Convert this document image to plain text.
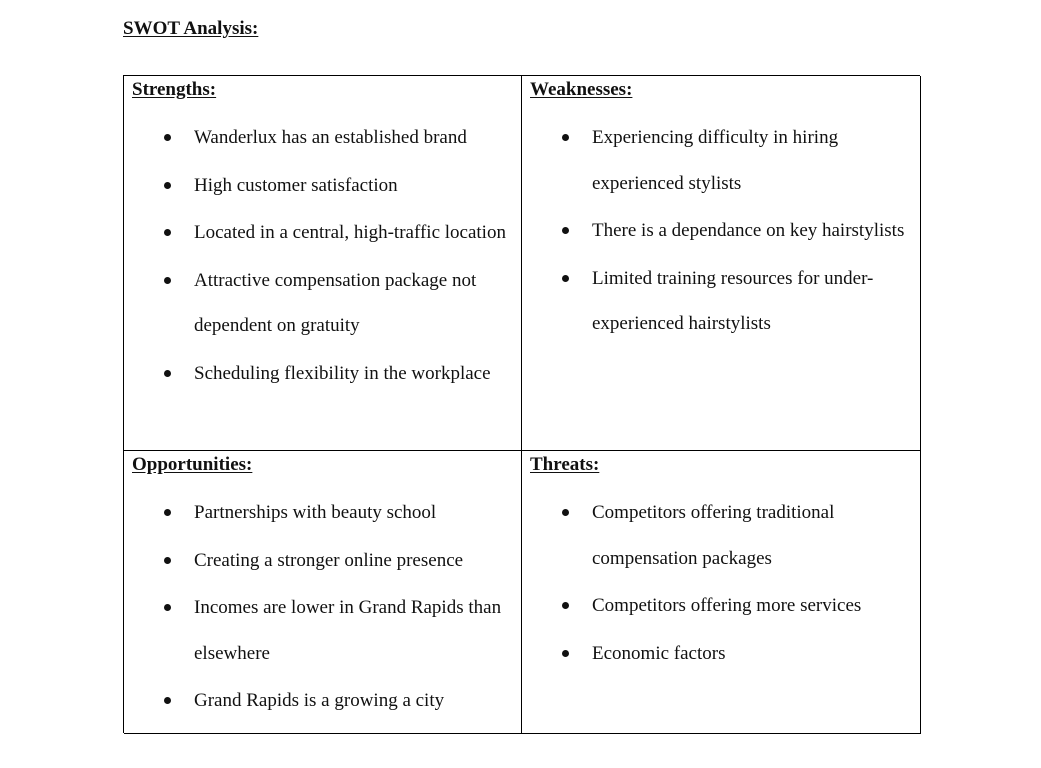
SWOT Analysis:
Strengths:
Wanderlux has an established brand
High customer satisfaction
Located in a central, high-traffic location
Attractive compensation package not dependent on gratuity
Scheduling flexibility in the workplace
Weaknesses:
Experiencing difficulty in hiring experienced stylists
There is a dependance on key hairstylists
Limited training resources for under-experienced hairstylists
Opportunities:
Partnerships with beauty school
Creating a stronger online presence
Incomes are lower in Grand Rapids than elsewhere
Grand Rapids is a growing a city
Threats:
Competitors offering traditional compensation packages
Competitors offering more services
Economic factors
